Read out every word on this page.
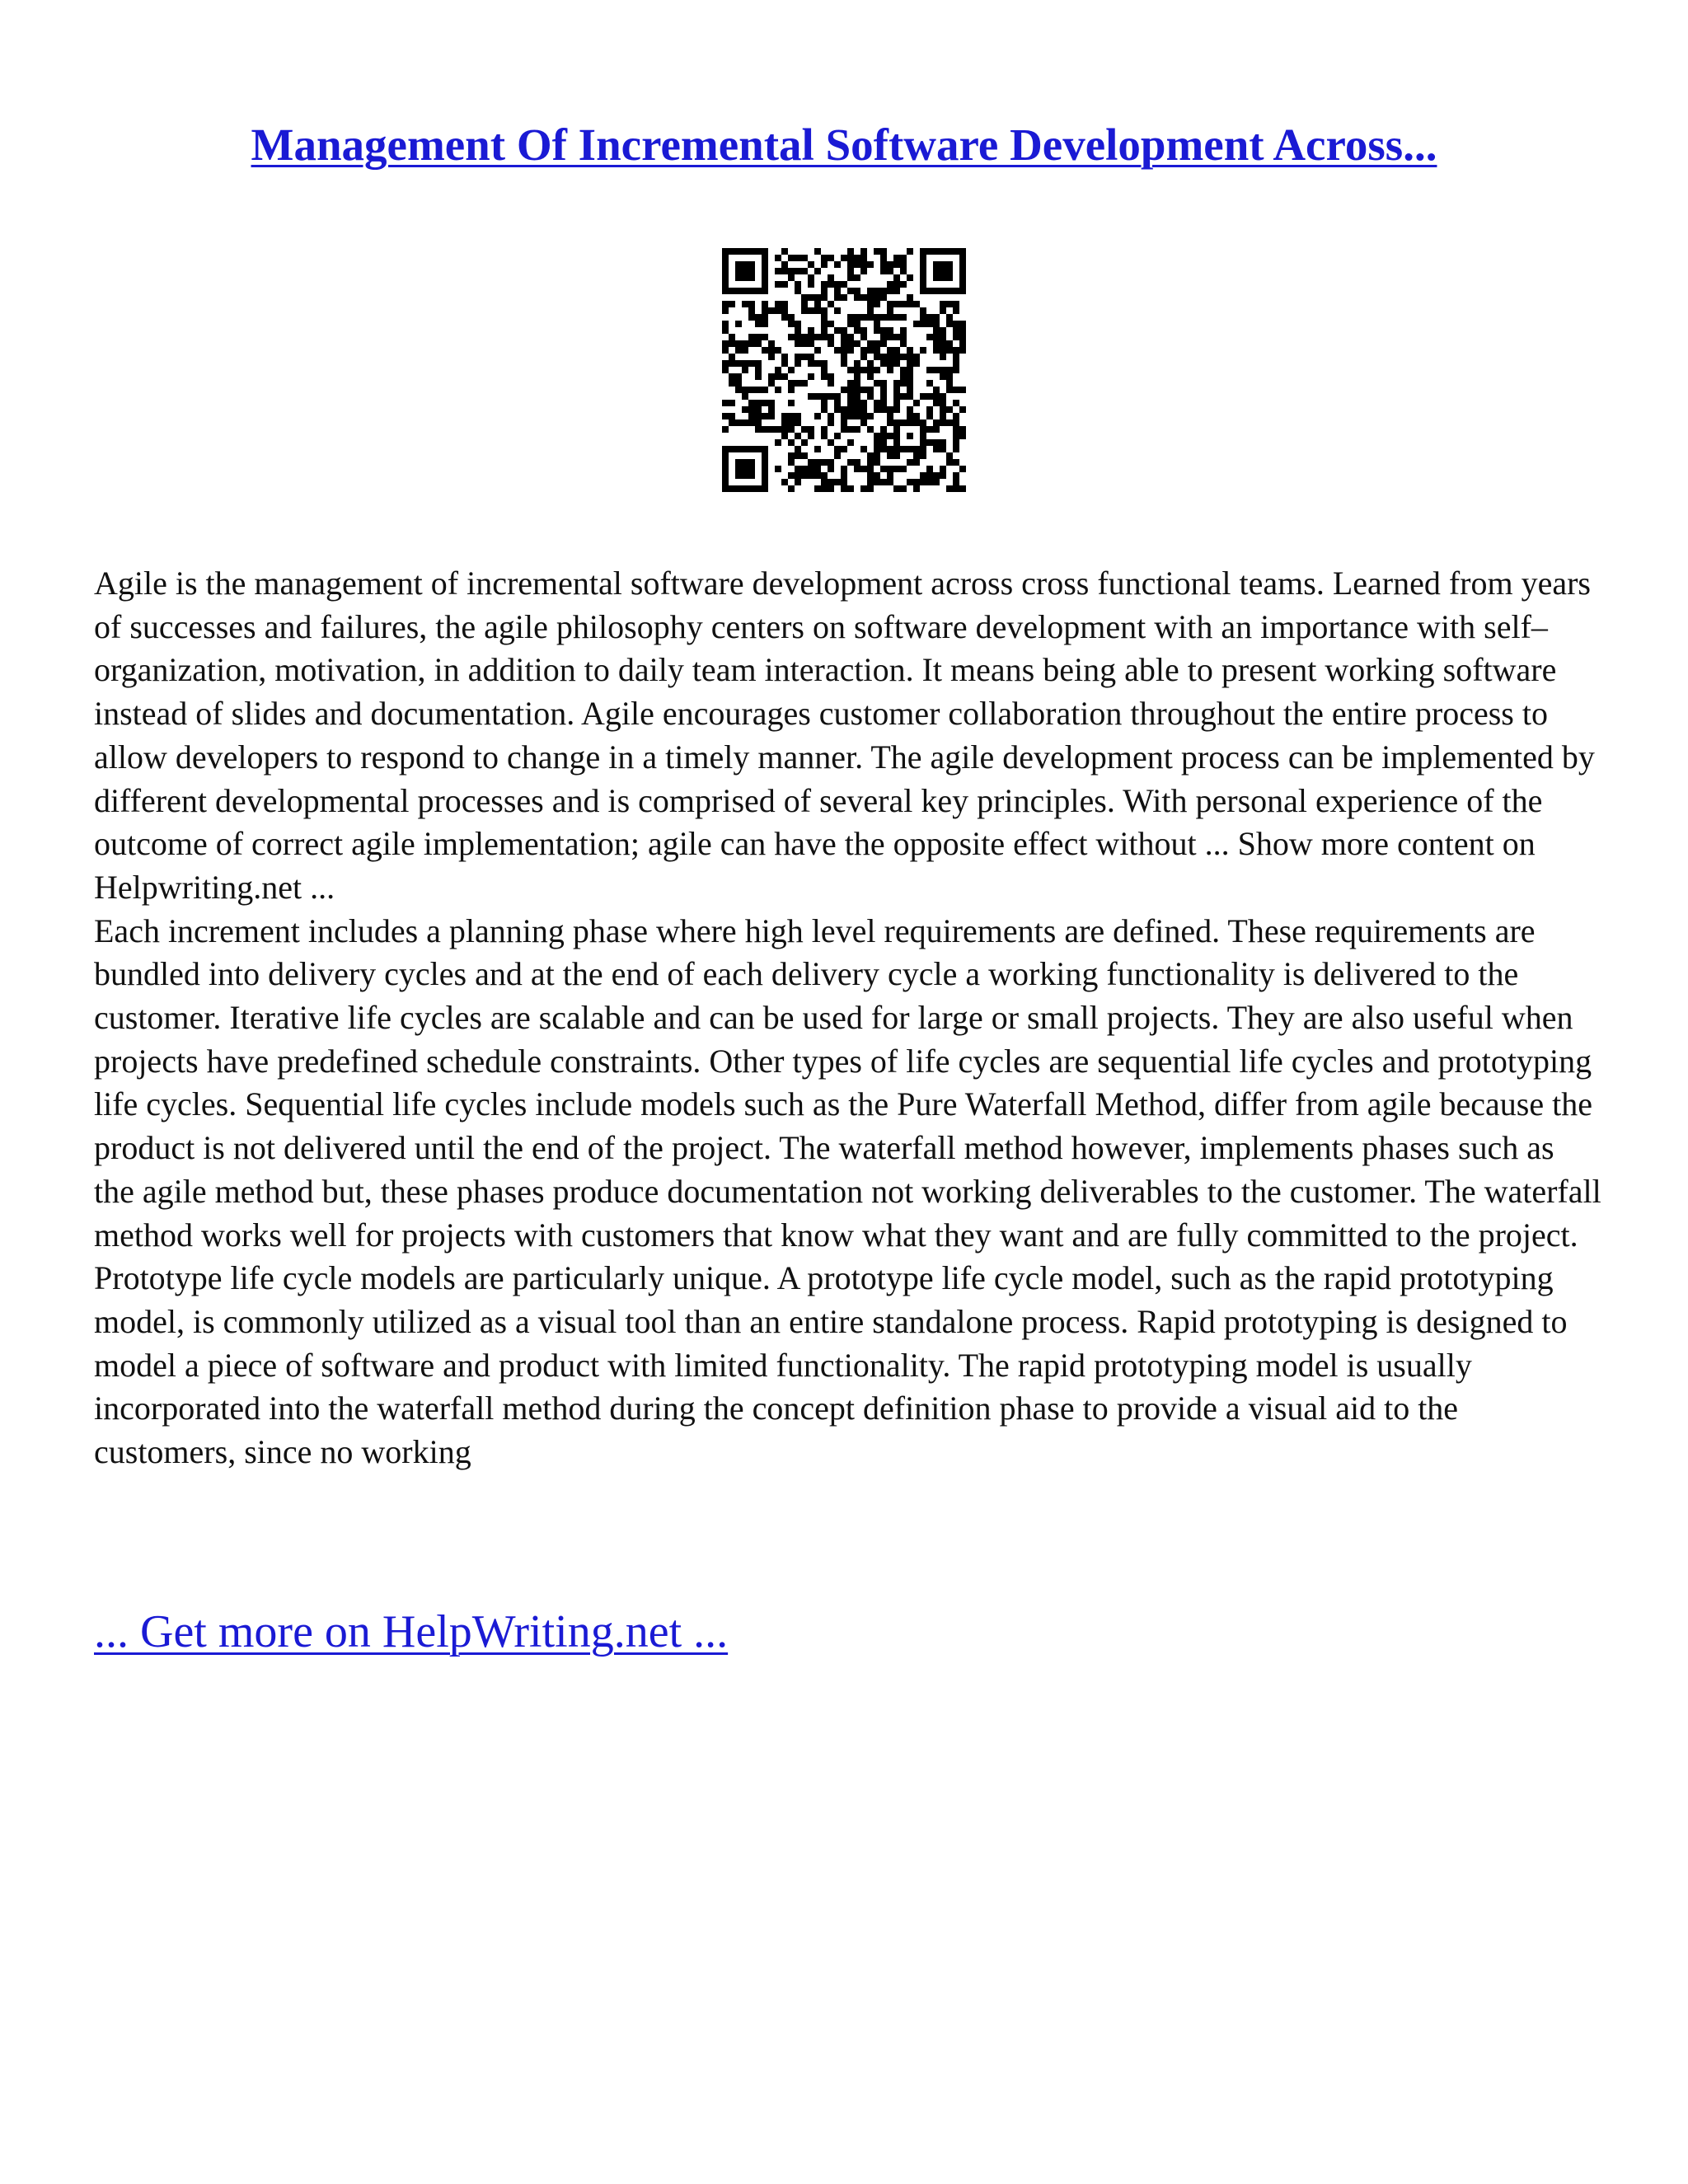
Management Of Incremental Software Development Across...

Agile is the management of incremental software development across cross functional teams. Learned from years of successes and failures, the agile philosophy centers on software development with an importance with self–organization, motivation, in addition to daily team interaction. It means being able to present working software instead of slides and documentation. Agile encourages customer collaboration throughout the entire process to allow developers to respond to change in a timely manner. The agile development process can be implemented by different developmental processes and is comprised of several key principles. With personal experience of the outcome of correct agile implementation; agile can have the opposite effect without ... Show more content on Helpwriting.net ...

Each increment includes a planning phase where high level requirements are defined. These requirements are bundled into delivery cycles and at the end of each delivery cycle a working functionality is delivered to the customer. Iterative life cycles are scalable and can be used for large or small projects. They are also useful when projects have predefined schedule constraints. Other types of life cycles are sequential life cycles and prototyping life cycles. Sequential life cycles include models such as the Pure Waterfall Method, differ from agile because the product is not delivered until the end of the project. The waterfall method however, implements phases such as the agile method but, these phases produce documentation not working deliverables to the customer. The waterfall method works well for projects with customers that know what they want and are fully committed to the project. Prototype life cycle models are particularly unique. A prototype life cycle model, such as the rapid prototyping model, is commonly utilized as a visual tool than an entire standalone process. Rapid prototyping is designed to model a piece of software and product with limited functionality. The rapid prototyping model is usually incorporated into the waterfall method during the concept definition phase to provide a visual aid to the customers, since no working

... Get more on HelpWriting.net ...
